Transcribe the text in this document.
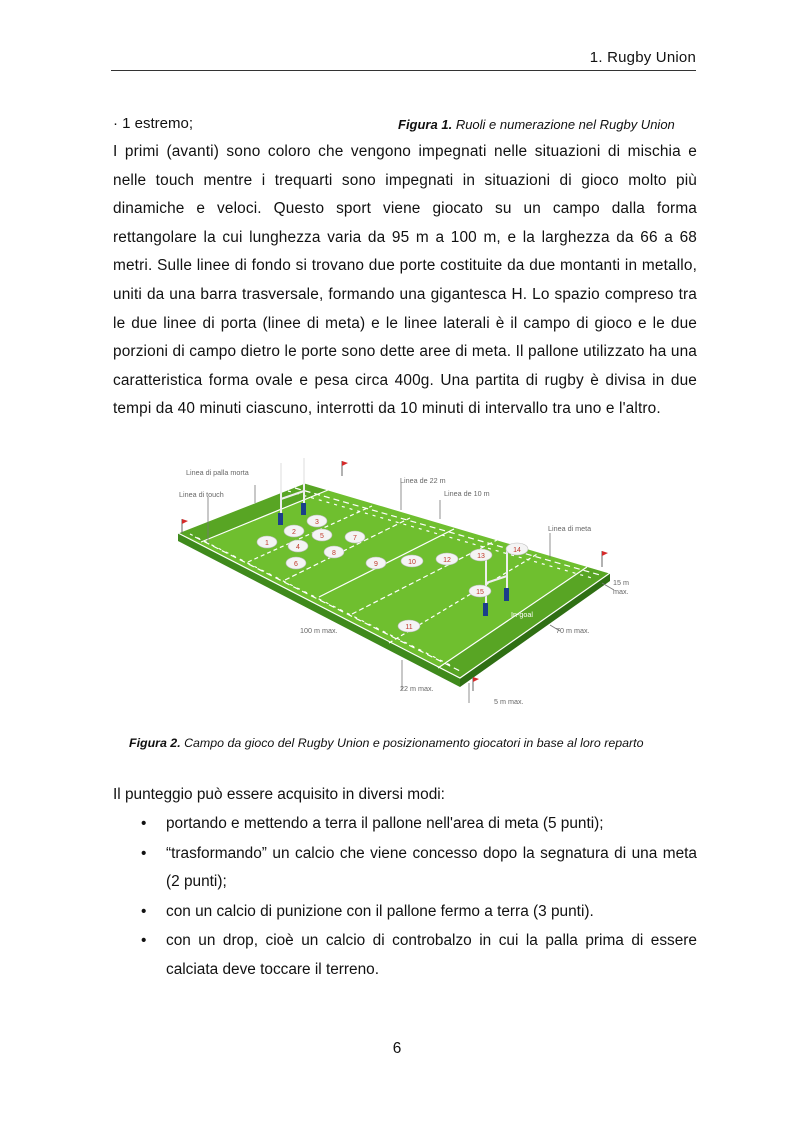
1. Rugby Union
· 1 estremo;	Figura 1. Ruoli e numerazione nel Rugby Union
I primi (avanti) sono coloro che vengono impegnati nelle situazioni di mischia e nelle touch mentre i trequarti sono impegnati in situazioni di gioco molto più dinamiche e veloci. Questo sport viene giocato su un campo dalla forma rettangolare la cui lunghezza varia da 95 m a 100 m, e la larghezza da 66 a 68 metri. Sulle linee di fondo si trovano due porte costituite da due montanti in metallo, uniti da una barra trasversale, formando una gigantesca H. Lo spazio compreso tra le due linee di porta (linee di meta) e le linee laterali è il campo di gioco e le due porzioni di campo dietro le porte sono dette aree di meta. Il pallone utilizzato ha una caratteristica forma ovale e pesa circa 400g. Una partita di rugby è divisa in due tempi da 40 minuti ciascuno, interrotti da 10 minuti di intervallo tra uno e l'altro.
Linea di palla morta
Linea di touch
Linea de 22 m
Linea de 10 m
Linea di meta
In-goal
100 m max.	70 m max.
22 m max.
5 m max.
15 m
max.
1
2
3
4
5
6
7
8
9	10
11
12
13
14
15
Figura 2. Campo da gioco del Rugby Union e posizionamento giocatori in base al loro reparto
Il punteggio può essere acquisito in diversi modi:
• portando e mettendo a terra il pallone nell'area di meta (5 punti);
• “trasformando” un calcio che viene concesso dopo la segnatura di una meta (2 punti);
• con un calcio di punizione con il pallone fermo a terra (3 punti).
• con un drop, cioè un calcio di controbalzo in cui la palla prima di essere calciata deve toccare il terreno.
6
